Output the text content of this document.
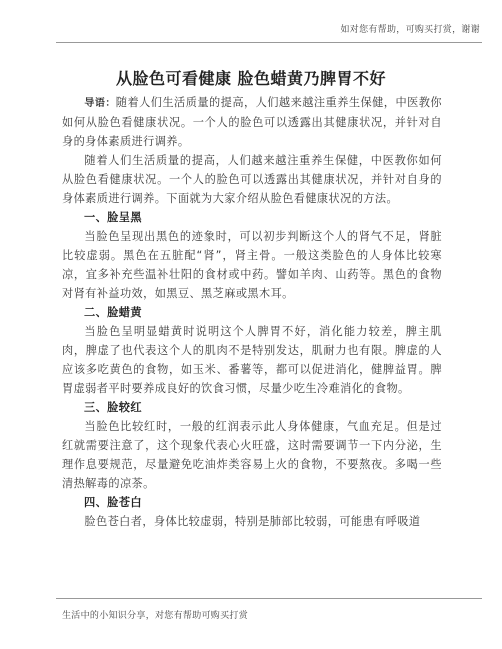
如对您有帮助，可购买打赏，谢谢
从脸色可看健康 脸色蜡黄乃脾胃不好

导语：随着人们生活质量的提高，人们越来越注重养生保健，中医教你如何从脸色看健康状况。一个人的脸色可以透露出其健康状况，并针对自身的身体素质进行调养。

随着人们生活质量的提高，人们越来越注重养生保健，中医教你如何从脸色看健康状况。一个人的脸色可以透露出其健康状况，并针对自身的身体素质进行调养。下面就为大家介绍从脸色看健康状况的方法。

一、脸呈黑

当脸色呈现出黑色的迹象时，可以初步判断这个人的肾气不足，肾脏比较虚弱。黑色在五脏配“肾”，肾主骨。一般这类脸色的人身体比较寒凉，宜多补充些温补壮阳的食材或中药。譬如羊肉、山药等。黑色的食物对肾有补益功效，如黑豆、黑芝麻或黑木耳。

二、脸蜡黄

当脸色呈明显蜡黄时说明这个人脾胃不好，消化能力较差，脾主肌肉，脾虚了也代表这个人的肌肉不是特别发达，肌耐力也有限。脾虚的人应该多吃黄色的食物，如玉米、番薯等，都可以促进消化，健脾益胃。脾胃虚弱者平时要养成良好的饮食习惯，尽量少吃生冷难消化的食物。

三、脸较红

当脸色比较红时，一般的红润表示此人身体健康，气血充足。但是过红就需要注意了，这个现象代表心火旺盛，这时需要调节一下内分泌，生理作息要规范，尽量避免吃油炸类容易上火的食物，不要熬夜。多喝一些清热解毒的凉茶。

四、脸苍白

脸色苍白者，身体比较虚弱，特别是肺部比较弱，可能患有呼吸道

生活中的小知识分享，对您有帮助可购买打赏
